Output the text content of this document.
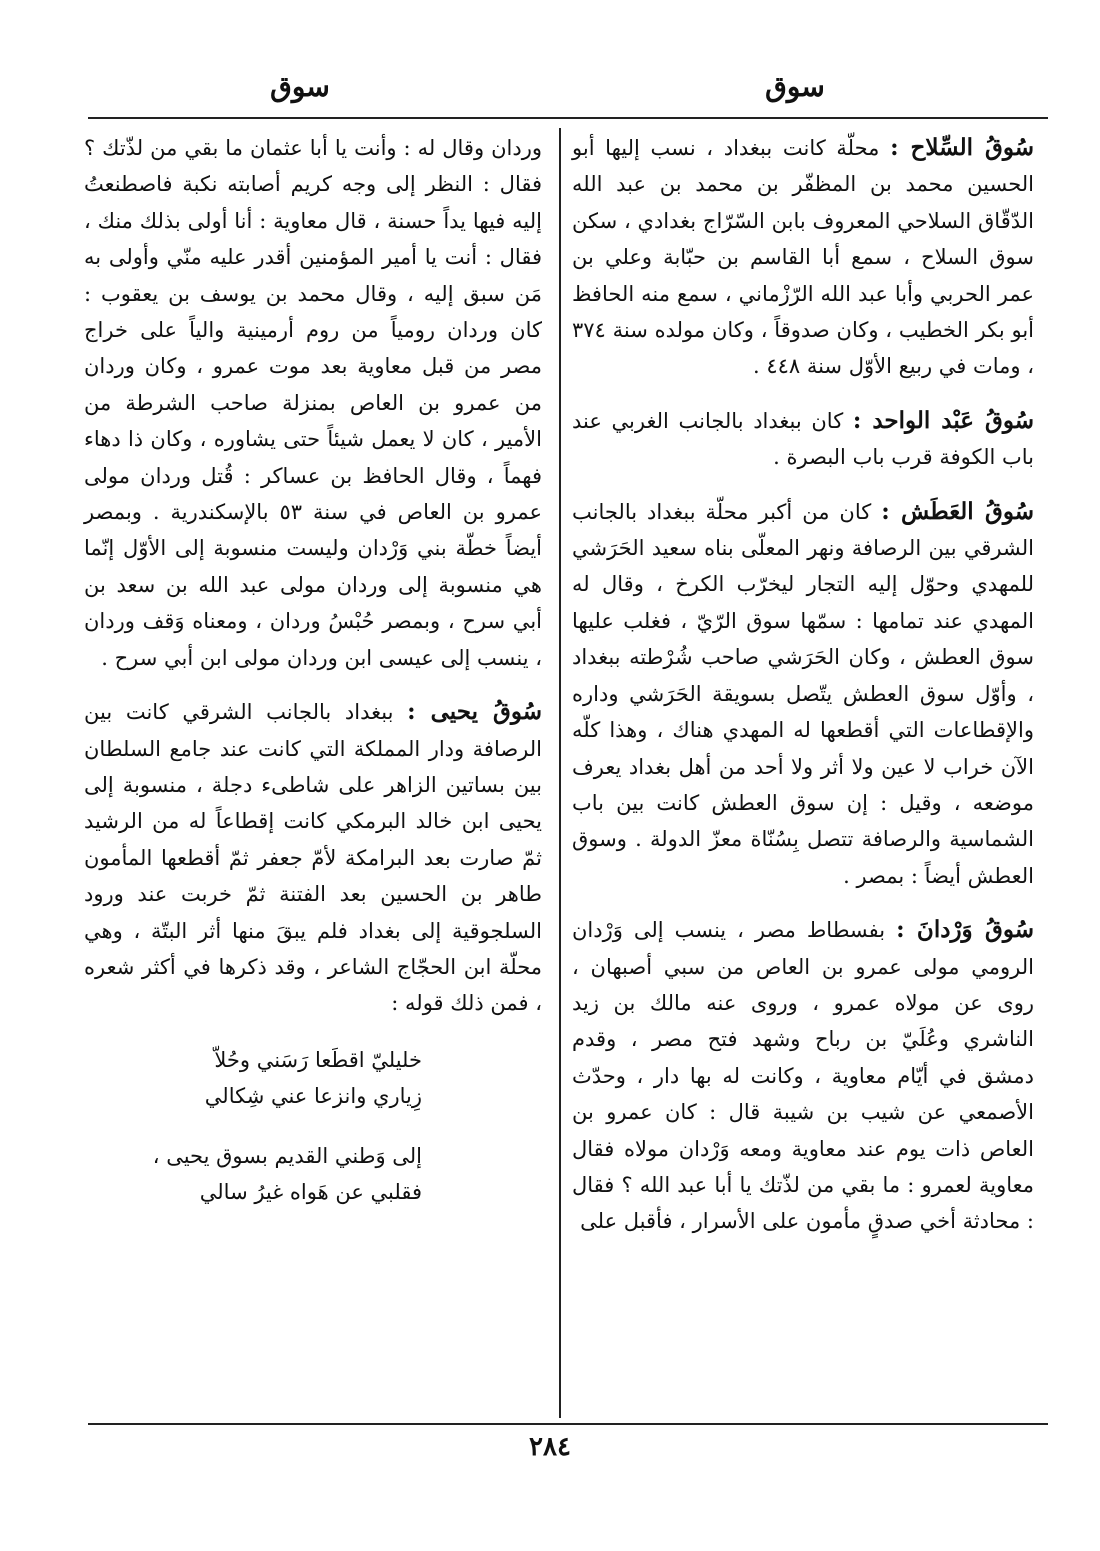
سوق
سوق

سُوقُ السِّلاح : محلّة كانت ببغداد ، نسب إليها أبو الحسين محمد بن المظفّر بن محمد بن عبد الله الدّقّاق السلاحي المعروف بابن السّرّاج بغدادي ، سكن سوق السلاح ، سمع أبا القاسم بن حبّابة وعلي بن عمر الحربي وأبا عبد الله الرّزْماني ، سمع منه الحافظ أبو بكر الخطيب ، وكان صدوقاً ، وكان مولده سنة ٣٧٤ ، ومات في ربيع الأوّل سنة ٤٤٨ .

سُوقُ عَبْد الواحد : كان ببغداد بالجانب الغربي عند باب الكوفة قرب باب البصرة .

سُوقُ العَطَش : كان من أكبر محلّة ببغداد بالجانب الشرقي بين الرصافة ونهر المعلّى بناه سعيد الحَرَشي للمهدي وحوّل إليه التجار ليخرّب الكرخ ، وقال له المهدي عند تمامها : سمّها سوق الرّيّ ، فغلب عليها سوق العطش ، وكان الحَرَشي صاحب شُرْطته ببغداد ، وأوّل سوق العطش يتّصل بسويقة الحَرَشي وداره والإقطاعات التي أقطعها له المهدي هناك ، وهذا كلّه الآن خراب لا عين ولا أثر ولا أحد من أهل بغداد يعرف موضعه ، وقيل : إن سوق العطش كانت بين باب الشماسية والرصافة تتصل بِسُنّاة معزّ الدولة . وسوق العطش أيضاً : بمصر .

سُوقُ وَرْدانَ : بفسطاط مصر ، ينسب إلى وَرْدان الرومي مولى عمرو بن العاص من سبي أصبهان ، روى عن مولاه عمرو ، وروى عنه مالك بن زيد الناشري وعُلَيّ بن رباح وشهد فتح مصر ، وقدم دمشق في أيّام معاوية ، وكانت له بها دار ، وحدّث الأصمعي عن شيب بن شيبة قال : كان عمرو بن العاص ذات يوم عند معاوية ومعه وَرْدان مولاه فقال معاوية لعمرو : ما بقي من لذّتك يا أبا عبد الله ؟ فقال : محادثة أخي صدقٍ مأمون على الأسرار ، فأقبل على

وردان وقال له : وأنت يا أبا عثمان ما بقي من لذّتك ؟ فقال : النظر إلى وجه كريم أصابته نكبة فاصطنعتُ إليه فيها يداً حسنة ، قال معاوية : أنا أولى بذلك منك ، فقال : أنت يا أمير المؤمنين أقدر عليه منّي وأولى به مَن سبق إليه ، وقال محمد بن يوسف بن يعقوب : كان وردان رومياً من روم أرمينية والياً على خراج مصر من قبل معاوية بعد موت عمرو ، وكان وردان من عمرو بن العاص بمنزلة صاحب الشرطة من الأمير ، كان لا يعمل شيئاً حتى يشاوره ، وكان ذا دهاء فهماً ، وقال الحافظ بن عساكر : قُتل وردان مولى عمرو بن العاص في سنة ٥٣ بالإسكندرية . وبمصر أيضاً خطّة بني وَرْدان وليست منسوبة إلى الأوّل إنّما هي منسوبة إلى وردان مولى عبد الله بن سعد بن أبي سرح ، وبمصر حُبْسُ وردان ، ومعناه وَقف وردان ، ينسب إلى عيسى ابن وردان مولى ابن أبي سرح .

سُوقُ يحيى : ببغداد بالجانب الشرقي كانت بين الرصافة ودار المملكة التي كانت عند جامع السلطان بين بساتين الزاهر على شاطىء دجلة ، منسوبة إلى يحيى ابن خالد البرمكي كانت إقطاعاً له من الرشيد ثمّ صارت بعد البرامكة لأمّ جعفر ثمّ أقطعها المأمون طاهر بن الحسين بعد الفتنة ثمّ خربت عند ورود السلجوقية إلى بغداد فلم يبقَ منها أثر البتّة ، وهي محلّة ابن الحجّاج الشاعر ، وقد ذكرها في أكثر شعره ، فمن ذلك قوله :

خليليّ اقطَعا رَسَني وحُلاّ
زِياري وانزعا عني شِكالي
إلى وَطني القديم بسوق يحيى ،
فقلبي عن هَواه غيرُ سالي
٢٨٤
